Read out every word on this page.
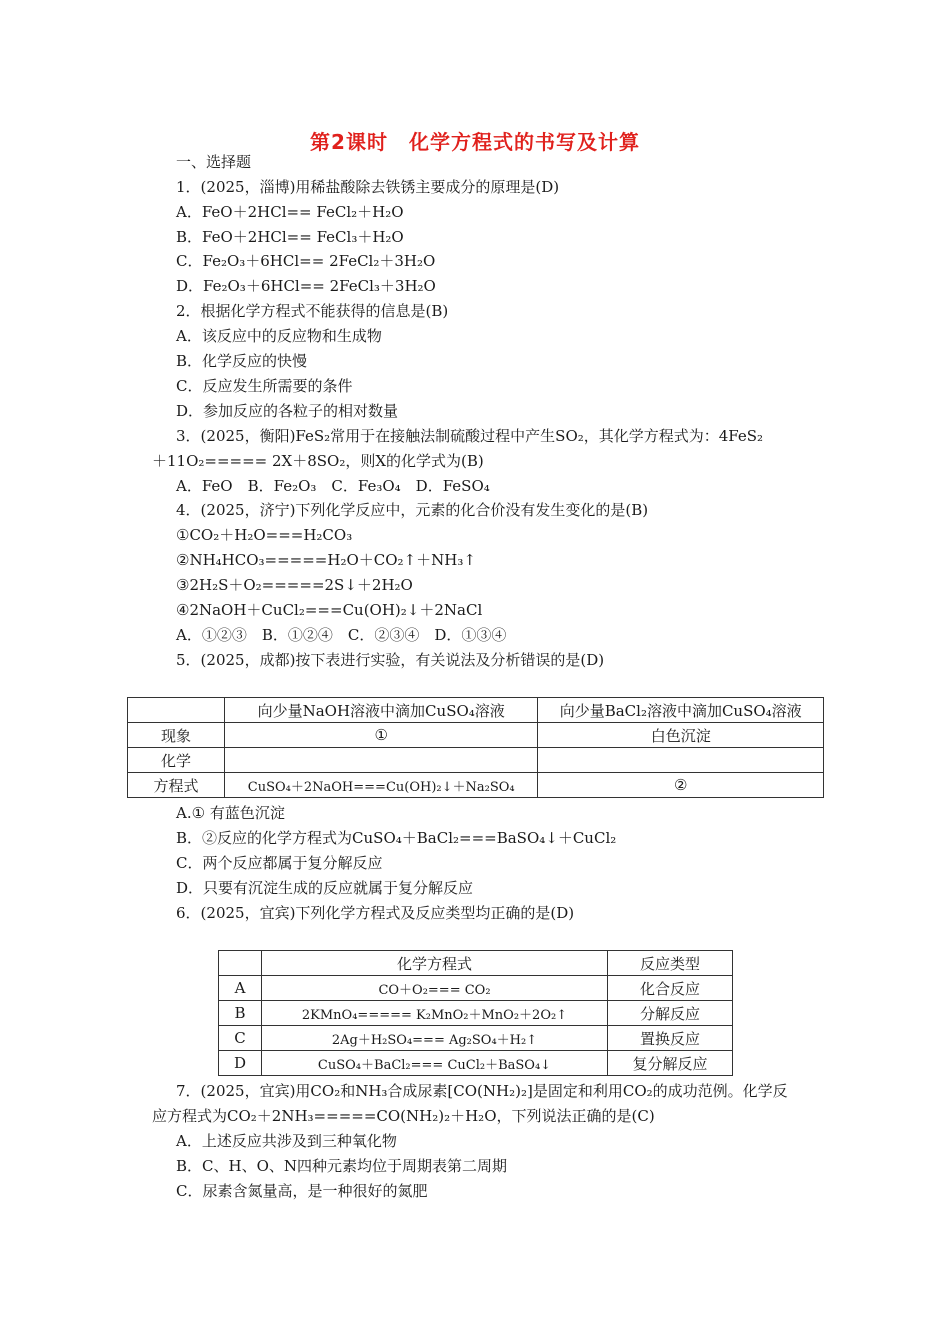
第2课时　化学方程式的书写及计算
一、选择题
1．(2025，淄博)用稀盐酸除去铁锈主要成分的原理是(D)
A．FeO＋2HCl== FeCl₂＋H₂O
B．FeO＋2HCl== FeCl₃＋H₂O
C．Fe₂O₃＋6HCl== 2FeCl₂＋3H₂O
D．Fe₂O₃＋6HCl== 2FeCl₃＋3H₂O
2．根据化学方程式不能获得的信息是(B)
A．该反应中的反应物和生成物
B．化学反应的快慢
C．反应发生所需要的条件
D．参加反应的各粒子的相对数量
3．(2025，衡阳)FeS₂常用于在接触法制硫酸过程中产生SO₂，其化学方程式为：4FeS₂
＋11O₂===== 2X＋8SO₂，则X的化学式为(B)
A．FeO　B．Fe₂O₃　C．Fe₃O₄　D．FeSO₄
4．(2025，济宁)下列化学反应中，元素的化合价没有发生变化的是(B)
①CO₂＋H₂O===H₂CO₃
②NH₄HCO₃=====H₂O＋CO₂↑＋NH₃↑
③2H₂S＋O₂=====2S↓＋2H₂O
④2NaOH＋CuCl₂===Cu(OH)₂↓＋2NaCl
A．①②③　B．①②④　C．②③④　D．①③④
5．(2025，成都)按下表进行实验，有关说法及分析错误的是(D)
	向少量NaOH溶液中滴加CuSO₄溶液	向少量BaCl₂溶液中滴加CuSO₄溶液
现象	①	白色沉淀
化学		
方程式	CuSO₄＋2NaOH===Cu(OH)₂↓＋Na₂SO₄	②
A.① 有蓝色沉淀
B．②反应的化学方程式为CuSO₄＋BaCl₂===BaSO₄↓＋CuCl₂
C．两个反应都属于复分解反应
D．只要有沉淀生成的反应就属于复分解反应
6．(2025，宜宾)下列化学方程式及反应类型均正确的是(D)
	化学方程式	反应类型
A	CO＋O₂=== CO₂	化合反应
B	2KMnO₄===== K₂MnO₂＋MnO₂＋2O₂↑	分解反应
C	2Ag＋H₂SO₄=== Ag₂SO₄＋H₂↑	置换反应
D	CuSO₄＋BaCl₂=== CuCl₂＋BaSO₄↓	复分解反应
7．(2025，宜宾)用CO₂和NH₃合成尿素[CO(NH₂)₂]是固定和利用CO₂的成功范例。化学反
应方程式为CO₂＋2NH₃=====CO(NH₂)₂＋H₂O，下列说法正确的是(C)
A．上述反应共涉及到三种氧化物
B．C、H、O、N四种元素均位于周期表第二周期
C．尿素含氮量高，是一种很好的氮肥
